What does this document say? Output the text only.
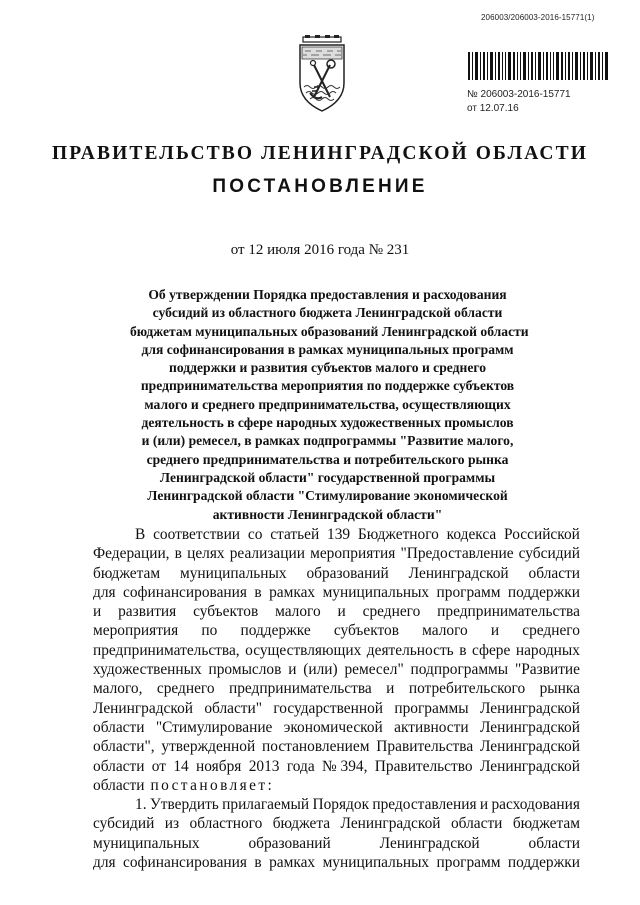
206003/206003-2016-15771(1)
№ 206003-2016-15771
от 12.07.16
ПРАВИТЕЛЬСТВО ЛЕНИНГРАДСКОЙ ОБЛАСТИ
ПОСТАНОВЛЕНИЕ
от 12 июля 2016 года № 231
Об утверждении Порядка предоставления и расходования
субсидий из областного бюджета Ленинградской области
бюджетам муниципальных образований Ленинградской области
для софинансирования в рамках муниципальных программ
поддержки и развития субъектов малого и среднего
предпринимательства мероприятия по поддержке субъектов
малого и среднего предпринимательства, осуществляющих
деятельность в сфере народных художественных промыслов
и (или) ремесел, в рамках подпрограммы "Развитие малого,
среднего предпринимательства и потребительского рынка
Ленинградской области" государственной программы
Ленинградской области "Стимулирование экономической
активности Ленинградской области"
В соответствии со статьей 139 Бюджетного кодекса Российской
Федерации, в целях реализации мероприятия "Предоставление субсидий
бюджетам муниципальных образований Ленинградской области
для софинансирования в рамках муниципальных программ поддержки
и развития субъектов малого и среднего предпринимательства
мероприятия по поддержке субъектов малого и среднего
предпринимательства, осуществляющих деятельность в сфере народных
художественных промыслов и (или) ремесел" подпрограммы "Развитие
малого, среднего предпринимательства и потребительского рынка
Ленинградской области" государственной программы Ленинградской
области "Стимулирование экономической активности Ленинградской
области", утвержденной постановлением Правительства Ленинградской
области от 14 ноября 2013 года № 394, Правительство Ленинградской
области постановляет:
1. Утвердить прилагаемый Порядок предоставления и расходования
субсидий из областного бюджета Ленинградской области бюджетам
муниципальных	образований	Ленинградской	области
для софинансирования в рамках муниципальных программ поддержки
